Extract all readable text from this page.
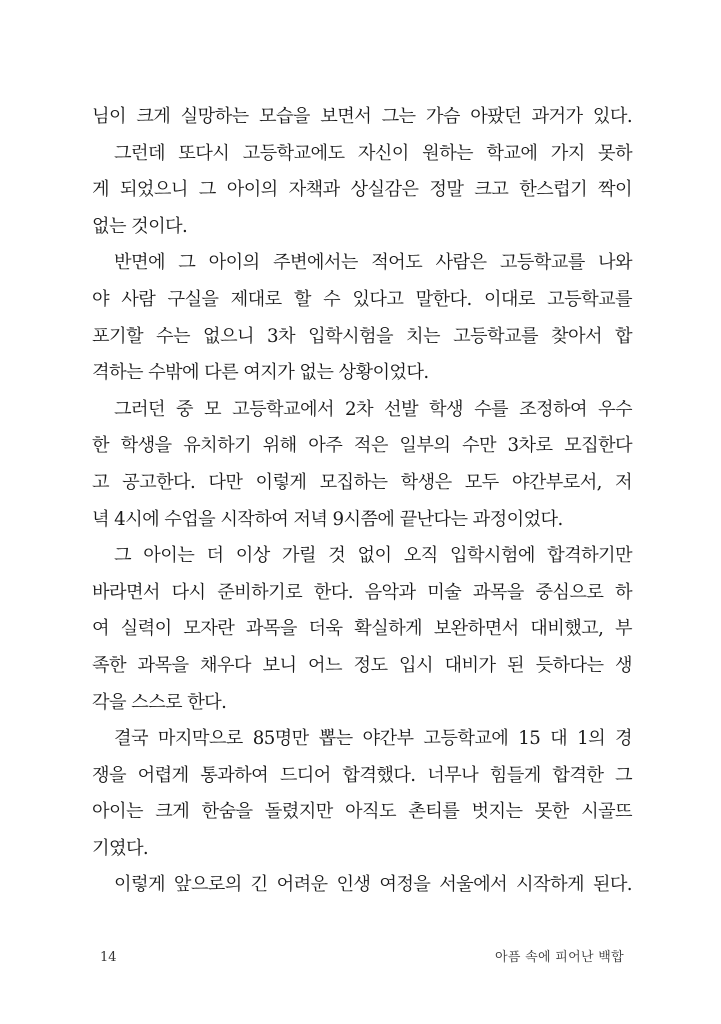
님이 크게 실망하는 모습을 보면서 그는 가슴 아팠던 과거가 있다.
그런데 또다시 고등학교에도 자신이 원하는 학교에 가지 못하
게 되었으니 그 아이의 자책과 상실감은 정말 크고 한스럽기 짝이
없는 것이다.
반면에 그 아이의 주변에서는 적어도 사람은 고등학교를 나와
야 사람 구실을 제대로 할 수 있다고 말한다. 이대로 고등학교를
포기할 수는 없으니 3차 입학시험을 치는 고등학교를 찾아서 합
격하는 수밖에 다른 여지가 없는 상황이었다.
그러던 중 모 고등학교에서 2차 선발 학생 수를 조정하여 우수
한 학생을 유치하기 위해 아주 적은 일부의 수만 3차로 모집한다
고 공고한다. 다만 이렇게 모집하는 학생은 모두 야간부로서, 저
녁 4시에 수업을 시작하여 저녁 9시쯤에 끝난다는 과정이었다.
그 아이는 더 이상 가릴 것 없이 오직 입학시험에 합격하기만
바라면서 다시 준비하기로 한다. 음악과 미술 과목을 중심으로 하
여 실력이 모자란 과목을 더욱 확실하게 보완하면서 대비했고, 부
족한 과목을 채우다 보니 어느 정도 입시 대비가 된 듯하다는 생
각을 스스로 한다.
결국 마지막으로 85명만 뽑는 야간부 고등학교에 15 대 1의 경
쟁을 어렵게 통과하여 드디어 합격했다. 너무나 힘들게 합격한 그
아이는 크게 한숨을 돌렸지만 아직도 촌티를 벗지는 못한 시골뜨
기였다.
이렇게 앞으로의 긴 어려운 인생 여정을 서울에서 시작하게 된다.
14	아픔 속에 피어난 백합
